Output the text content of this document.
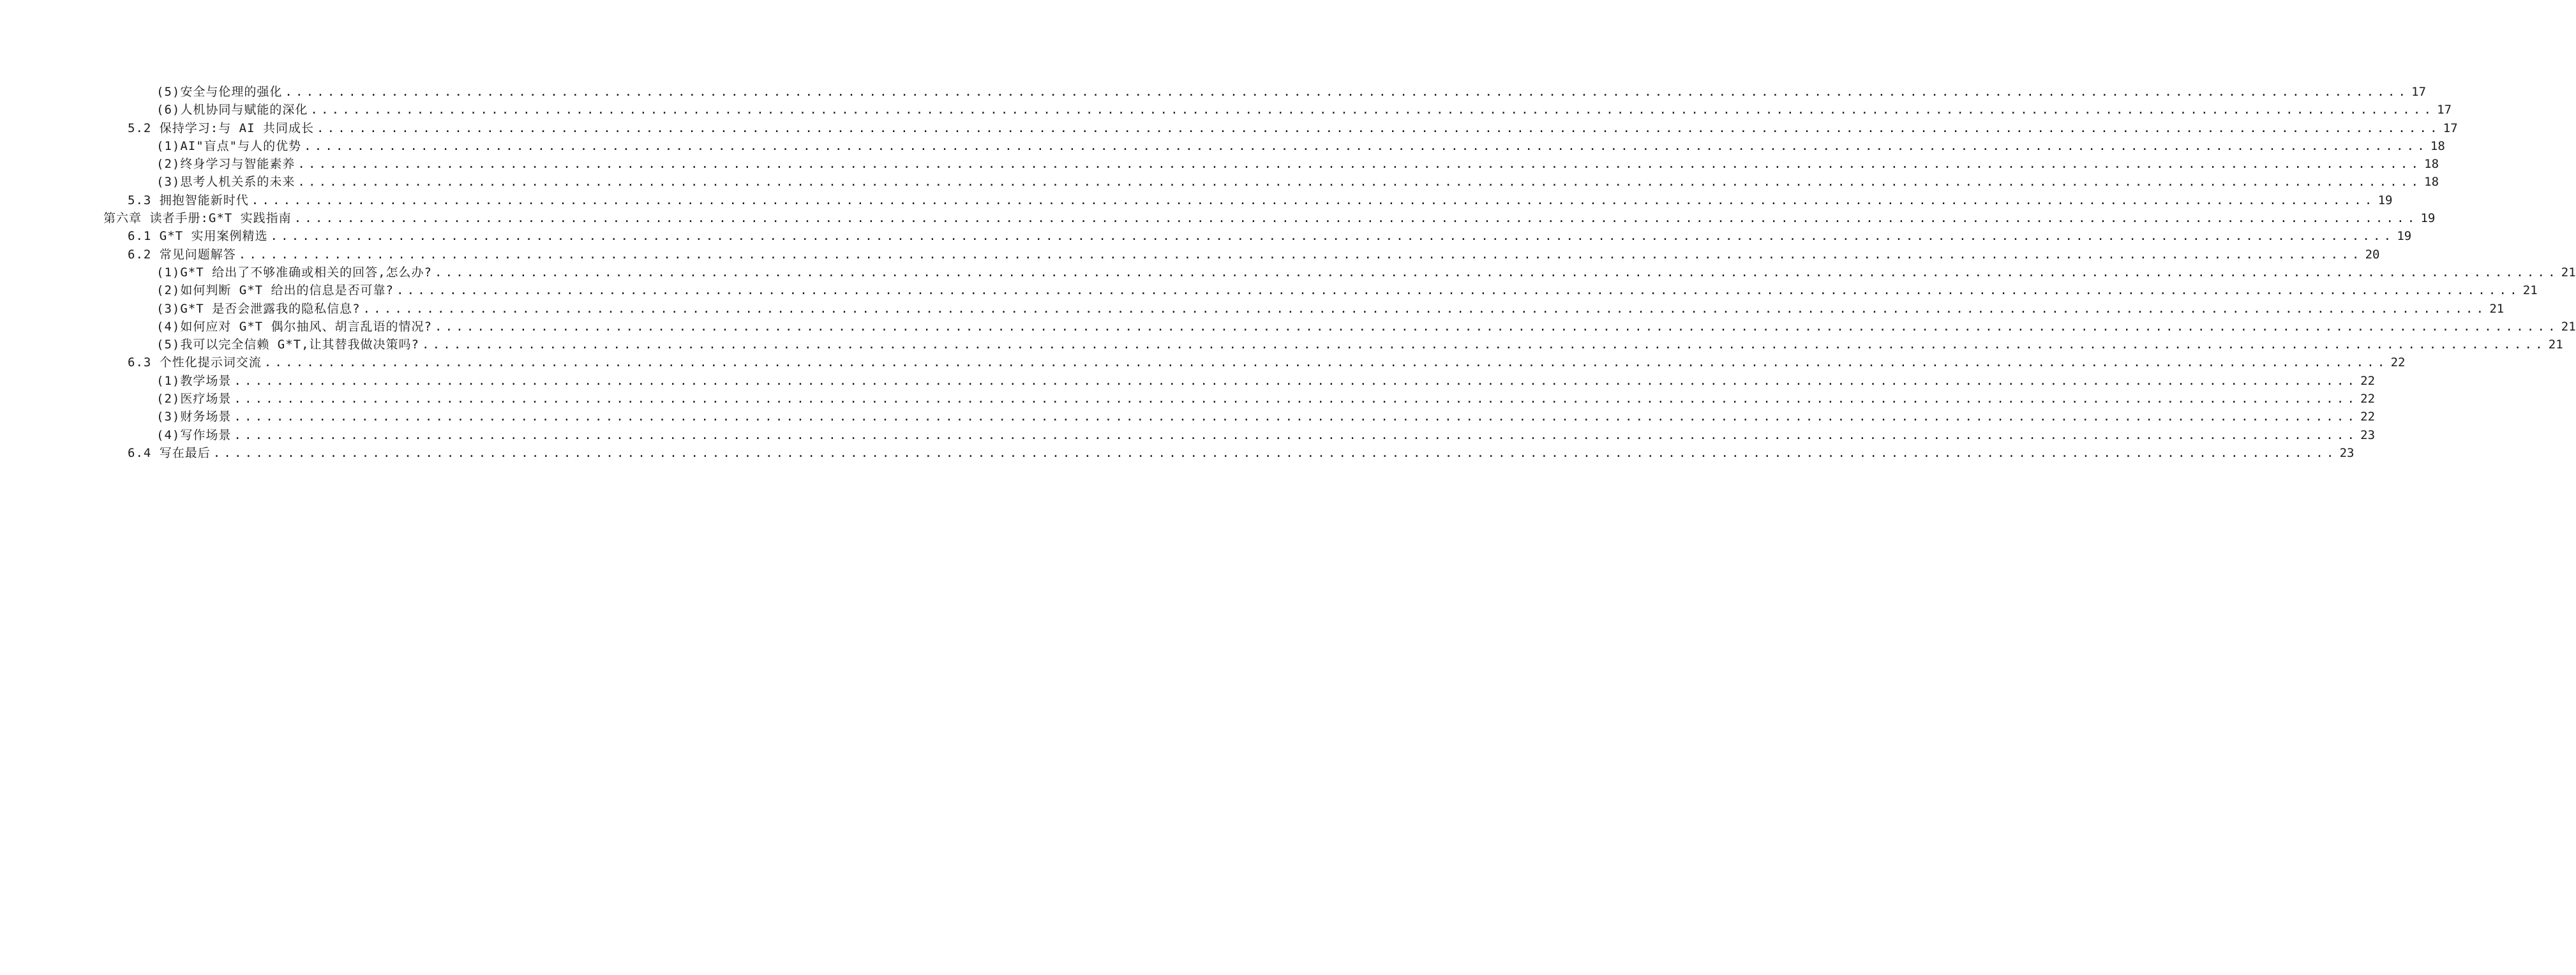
(5)安全与伦理的强化 ........................................................................................................................................................................................................ 17
(6)人机协同与赋能的深化 ........................................................................................................................................................................................................ 17
5.2 保持学习:与 AI 共同成长 ........................................................................................................................................................................................................ 17
(1)AI"盲点"与人的优势 ........................................................................................................................................................................................................ 18
(2)终身学习与智能素养 ........................................................................................................................................................................................................ 18
(3)思考人机关系的未来 ........................................................................................................................................................................................................ 18
5.3 拥抱智能新时代 ........................................................................................................................................................................................................ 19
第六章 读者手册:G*T 实践指南 ........................................................................................................................................................................................................ 19
6.1 G*T 实用案例精选 ........................................................................................................................................................................................................ 19
6.2 常见问题解答 ........................................................................................................................................................................................................ 20
(1)G*T 给出了不够准确或相关的回答,怎么办? ........................................................................................................................................................................................................ 21
(2)如何判断 G*T 给出的信息是否可靠? ........................................................................................................................................................................................................ 21
(3)G*T 是否会泄露我的隐私信息? ........................................................................................................................................................................................................ 21
(4)如何应对 G*T 偶尔抽风、胡言乱语的情况? ........................................................................................................................................................................................................ 21
(5)我可以完全信赖 G*T,让其替我做决策吗? ........................................................................................................................................................................................................ 21
6.3 个性化提示词交流 ........................................................................................................................................................................................................ 22
(1)教学场景 ........................................................................................................................................................................................................ 22
(2)医疗场景 ........................................................................................................................................................................................................ 22
(3)财务场景 ........................................................................................................................................................................................................ 22
(4)写作场景 ........................................................................................................................................................................................................ 23
6.4 写在最后 ........................................................................................................................................................................................................ 23
